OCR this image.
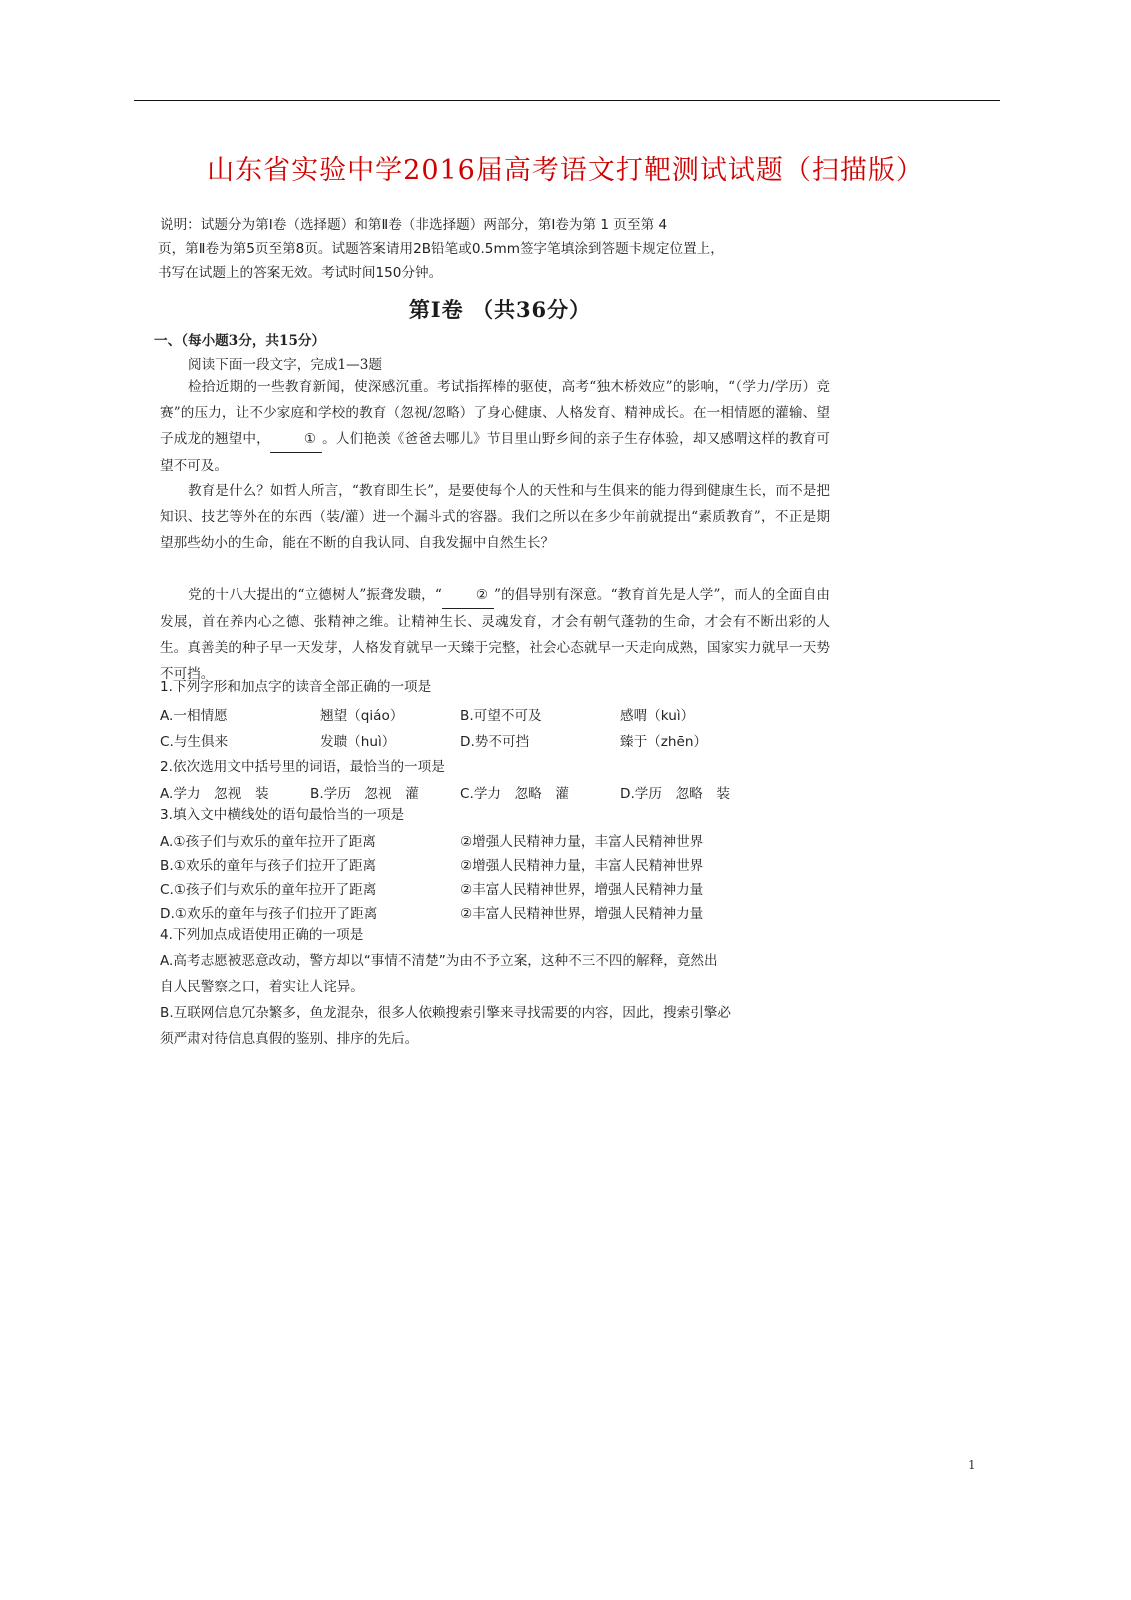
山东省实验中学2016届高考语文打靶测试试题（扫描版）
说明：试题分为第Ⅰ卷（选择题）和第Ⅱ卷（非选择题）两部分，第Ⅰ卷为第 1 页至第 4
页，第Ⅱ卷为第5页至第8页。试题答案请用2B铅笔或0.5mm签字笔填涂到答题卡规定位置上，
书写在试题上的答案无效。考试时间150分钟。
第Ⅰ卷 （共36分）
一、（每小题3分，共15分）
阅读下面一段文字，完成1—3题
检拾近期的一些教育新闻，使深感沉重。考试指挥棒的驱使，高考“独木桥效应”的影响，“（学力/学历）竞赛”的压力，让不少家庭和学校的教育（忽视/忽略）了身心健康、人格发育、精神成长。在一相情愿的灌输、望子成龙的翘望中，	① 。人们艳羡《爸爸去哪儿》节目里山野乡间的亲子生存体验，却又感喟这样的教育可望不可及。
教育是什么？如哲人所言，“教育即生长”，是要使每个人的天性和与生俱来的能力得到健康生长，而不是把知识、技艺等外在的东西（装/灌）进一个漏斗式的容器。我们之所以在多少年前就提出“素质教育”，不正是期望那些幼小的生命，能在不断的自我认同、自我发掘中自然生长？
党的十八大提出的“立德树人”振聋发聩，“	② ”的倡导别有深意。“教育首先是人学”，而人的全面自由发展，首在养内心之德、张精神之维。让精神生长、灵魂发育，才会有朝气蓬勃的生命，才会有不断出彩的人生。真善美的种子早一天发芽，人格发育就早一天臻于完整，社会心态就早一天走向成熟，国家实力就早一天势不可挡。
1.下列字形和加点字的读音全部正确的一项是
A.一相情愿	翘望（qiáo）	B.可望不可及	感喟（kuì）
C.与生俱来	发聩（huì）	D.势不可挡	臻于（zhēn）
2.依次选用文中括号里的词语，最恰当的一项是
A.学力　忽视　装	B.学历　忽视　灌	C.学力　忽略　灌	D.学历　忽略　装
3.填入文中横线处的语句最恰当的一项是
A.①孩子们与欢乐的童年拉开了距离	②增强人民精神力量，丰富人民精神世界
B.①欢乐的童年与孩子们拉开了距离	②增强人民精神力量，丰富人民精神世界
C.①孩子们与欢乐的童年拉开了距离	②丰富人民精神世界，增强人民精神力量
D.①欢乐的童年与孩子们拉开了距离	②丰富人民精神世界，增强人民精神力量
4.下列加点成语使用正确的一项是
A.高考志愿被恶意改动，警方却以“事情不清楚”为由不予立案，这种不三不四的解释，竟然出
自人民警察之口，着实让人诧异。
B.互联网信息冗杂繁多，鱼龙混杂，很多人依赖搜索引擎来寻找需要的内容，因此，搜索引擎必
须严肃对待信息真假的鉴别、排序的先后。
1
